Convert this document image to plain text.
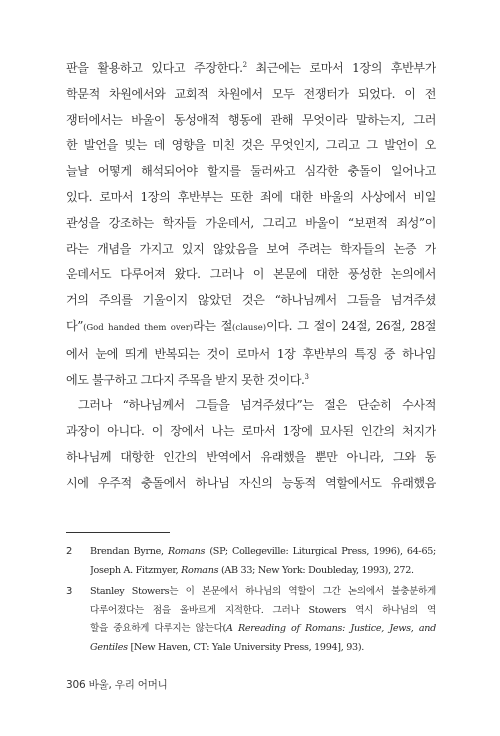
판을 활용하고 있다고 주장한다.$^2$ 최근에는 로마서 1장의 후반부가
학문적 차원에서와 교회적 차원에서 모두 전쟁터가 되었다. 이 전
쟁터에서는 바울이 동성애적 행동에 관해 무엇이라 말하는지, 그러
한 발언을 빚는 데 영향을 미친 것은 무엇인지, 그리고 그 발언이 오
늘날 어떻게 해석되어야 할지를 둘러싸고 심각한 충돌이 일어나고
있다. 로마서 1장의 후반부는 또한 죄에 대한 바울의 사상에서 비일
관성을 강조하는 학자들 가운데서, 그리고 바울이 “보편적 죄성”이
라는 개념을 가지고 있지 않았음을 보여 주려는 학자들의 논증 가
운데서도 다루어져 왔다. 그러나 이 본문에 대한 풍성한 논의에서
거의 주의를 기울이지 않았던 것은 “하나님께서 그들을 넘겨주셨
다”(God handed them over)라는 절(clause)이다. 그 절이 24절, 26절, 28절
에서 눈에 띄게 반복되는 것이 로마서 1장 후반부의 특징 중 하나임
에도 불구하고 그다지 주목을 받지 못한 것이다.$^3$

그러나 “하나님께서 그들을 넘겨주셨다”는 절은 단순히 수사적
과장이 아니다. 이 장에서 나는 로마서 1장에 묘사된 인간의 처지가
하나님께 대항한 인간의 반역에서 유래했을 뿐만 아니라, 그와 동
시에 우주적 충돌에서 하나님 자신의 능동적 역할에서도 유래했음

2	Brendan Byrne, Romans (SP; Collegeville: Liturgical Press, 1996), 64-65;
Joseph A. Fitzmyer, Romans (AB 33; New York: Doubleday, 1993), 272.
3	Stanley Stowers는 이 본문에서 하나님의 역할이 그간 논의에서 불충분하게
다루어졌다는 점을 올바르게 지적한다. 그러나 Stowers 역시 하나님의 역
할을 중요하게 다루지는 않는다(A Rereading of Romans: Justice, Jews, and
Gentiles [New Haven, CT: Yale University Press, 1994], 93).
306 바울, 우리 어머니
